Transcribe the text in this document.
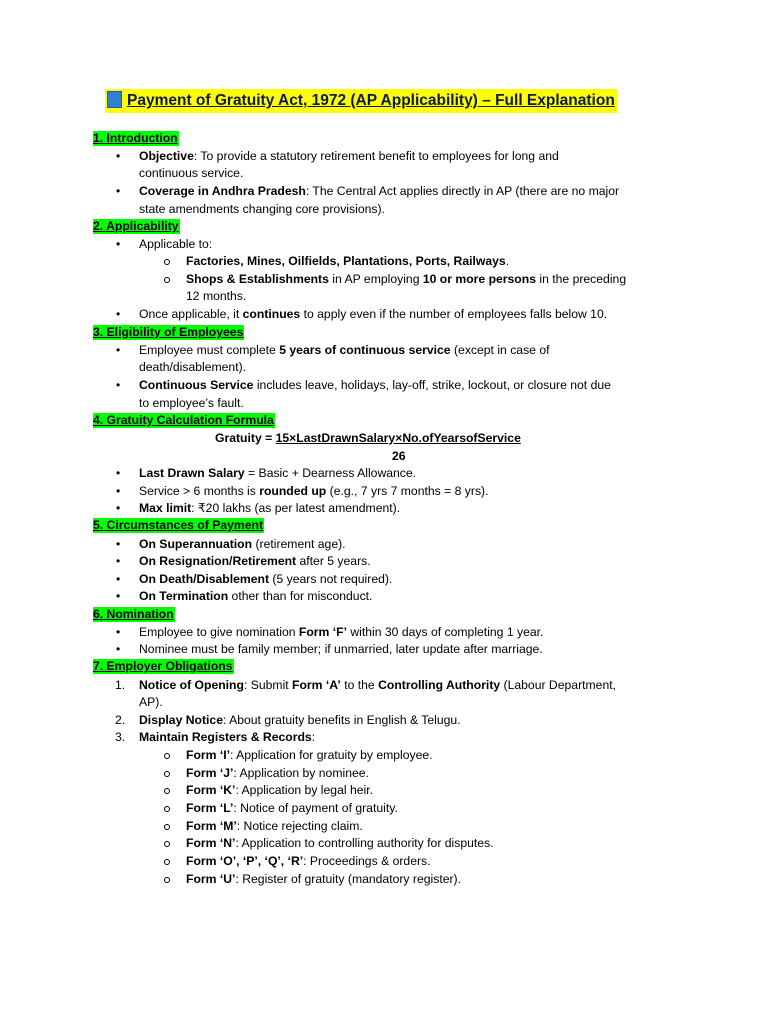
Payment of Gratuity Act, 1972 (AP Applicability) – Full Explanation
1. Introduction
• Objective: To provide a statutory retirement benefit to employees for long and
continuous service.
• Coverage in Andhra Pradesh: The Central Act applies directly in AP (there are no major
state amendments changing core provisions).
2. Applicability
• Applicable to:
Factories, Mines, Oilfields, Plantations, Ports, Railways.
Shops & Establishments in AP employing 10 or more persons in the preceding
12 months.
• Once applicable, it continues to apply even if the number of employees falls below 10.
3. Eligibility of Employees
• Employee must complete 5 years of continuous service (except in case of
death/disablement).
• Continuous Service includes leave, holidays, lay-off, strike, lockout, or closure not due
to employee’s fault.
4. Gratuity Calculation Formula
Gratuity = 15×LastDrawnSalary×No.ofYearsofService
26
• Last Drawn Salary = Basic + Dearness Allowance.
• Service > 6 months is rounded up (e.g., 7 yrs 7 months = 8 yrs).
• Max limit: ₹20 lakhs (as per latest amendment).
5. Circumstances of Payment
• On Superannuation (retirement age).
• On Resignation/Retirement after 5 years.
• On Death/Disablement (5 years not required).
• On Termination other than for misconduct.
6. Nomination
• Employee to give nomination Form ‘F’ within 30 days of completing 1 year.
• Nominee must be family member; if unmarried, later update after marriage.
7. Employer Obligations
1. Notice of Opening: Submit Form ‘A’ to the Controlling Authority (Labour Department,
AP).
2. Display Notice: About gratuity benefits in English & Telugu.
3. Maintain Registers & Records:
Form ‘I’: Application for gratuity by employee.
Form ‘J’: Application by nominee.
Form ‘K’: Application by legal heir.
Form ‘L’: Notice of payment of gratuity.
Form ‘M’: Notice rejecting claim.
Form ‘N’: Application to controlling authority for disputes.
Form ‘O’, ‘P’, ‘Q’, ‘R’: Proceedings & orders.
Form ‘U’: Register of gratuity (mandatory register).
